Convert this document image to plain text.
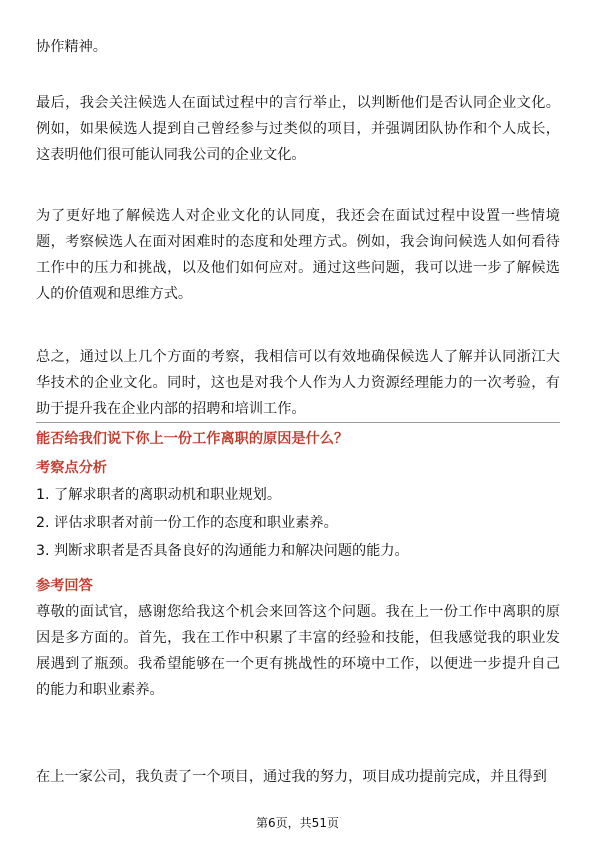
协作精神。

最后，我会关注候选人在面试过程中的言行举止，以判断他们是否认同企业文化。例如，如果候选人提到自己曾经参与过类似的项目，并强调团队协作和个人成长，这表明他们很可能认同我公司的企业文化。

为了更好地了解候选人对企业文化的认同度，我还会在面试过程中设置一些情境题，考察候选人在面对困难时的态度和处理方式。例如，我会询问候选人如何看待工作中的压力和挑战，以及他们如何应对。通过这些问题，我可以进一步了解候选人的价值观和思维方式。

总之，通过以上几个方面的考察，我相信可以有效地确保候选人了解并认同浙江大华技术的企业文化。同时，这也是对我个人作为人力资源经理能力的一次考验，有助于提升我在企业内部的招聘和培训工作。

能否给我们说下你上一份工作离职的原因是什么？
考察点分析
1. 了解求职者的离职动机和职业规划。
2. 评估求职者对前一份工作的态度和职业素养。
3. 判断求职者是否具备良好的沟通能力和解决问题的能力。
参考回答

尊敬的面试官，感谢您给我这个机会来回答这个问题。我在上一份工作中离职的原因是多方面的。首先，我在工作中积累了丰富的经验和技能，但我感觉我的职业发展遇到了瓶颈。我希望能够在一个更有挑战性的环境中工作，以便进一步提升自己的能力和职业素养。

在上一家公司，我负责了一个项目，通过我的努力，项目成功提前完成，并且得到

第6页，共51页
